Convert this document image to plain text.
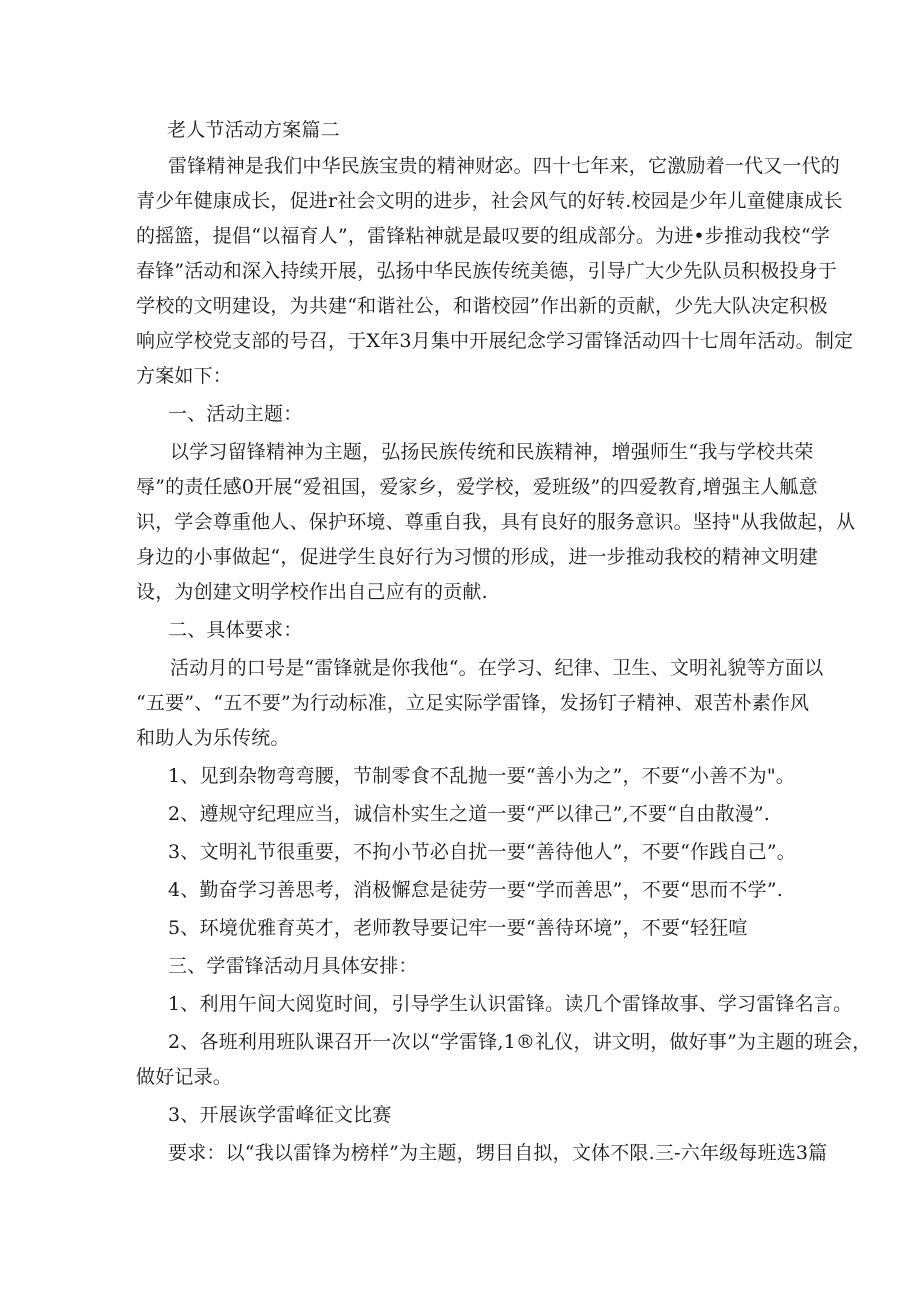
老人节活动方案篇二
雷锋精神是我们中华民族宝贵的精神财宓。四十七年来，它激励着一代又一代的
青少年健康成长，促进r社会文明的进步，社会风气的好转.校园是少年儿童健康成长
的摇篮，提倡“以福育人”，雷锋粘神就是最叹要的组成部分。为进•步推动我校“学
春锋”活动和深入持续开展，弘扬中华民族传统美德，引导广大少先队员积极投身于
学校的文明建设，为共建“和谐社公，和谐校园”作出新的贡献，少先大队决定积极
响应学校党支部的号召，于X年3月集中开展纪念学习雷锋活动四十七周年活动。制定
方案如下：
一、活动主题：
以学习留锋精神为主题，弘扬民族传统和民族精神，增强师生“我与学校共荣
辱”的责任感0开展“爱祖国，爱家乡，爱学校，爱班级”的四爱教育,增强主人觚意
识，学会尊重他人、保护环境、尊重自我，具有良好的服务意识。坚持"从我做起，从
身边的小事做起“，促进学生良好行为习惯的形成，进一步推动我校的精神文明建
设，为创建文明学校作出自己应有的贡献.
二、具体要求：
活动月的口号是“雷锋就是你我他“。在学习、纪律、卫生、文明礼貌等方面以
“五要”、“五不要”为行动标准，立足实际学雷锋，发扬钉子精神、艰苦朴素作风
和助人为乐传统。
1、见到杂物弯弯腰，节制零食不乱抛一要“善小为之”，不要“小善不为"。
2、遵规守纪理应当，诚信朴实生之道一要“严以律己”,不要“自由散漫”.
3、文明礼节很重要，不拘小节必自扰一要“善待他人”，不要“作践自己”。
4、勤奋学习善思考，消极懈怠是徒劳一要“学而善思”，不要“思而不学”.
5、环境优雅育英才，老师教导要记牢一要“善待环境”，不要“轻狂喧
三、学雷锋活动月具体安排：
1、利用午间大阅览时间，引导学生认识雷锋。读几个雷锋故事、学习雷锋名言。
2、各班利用班队课召开一次以“学雷锋,1®礼仪，讲文明，做好事”为主题的班会，
做好记录。
3、开展诙学雷峰征文比赛
要求：以“我以雷锋为榜样”为主题，甥目自拟，文体不限.三-六年级每班选3篇
